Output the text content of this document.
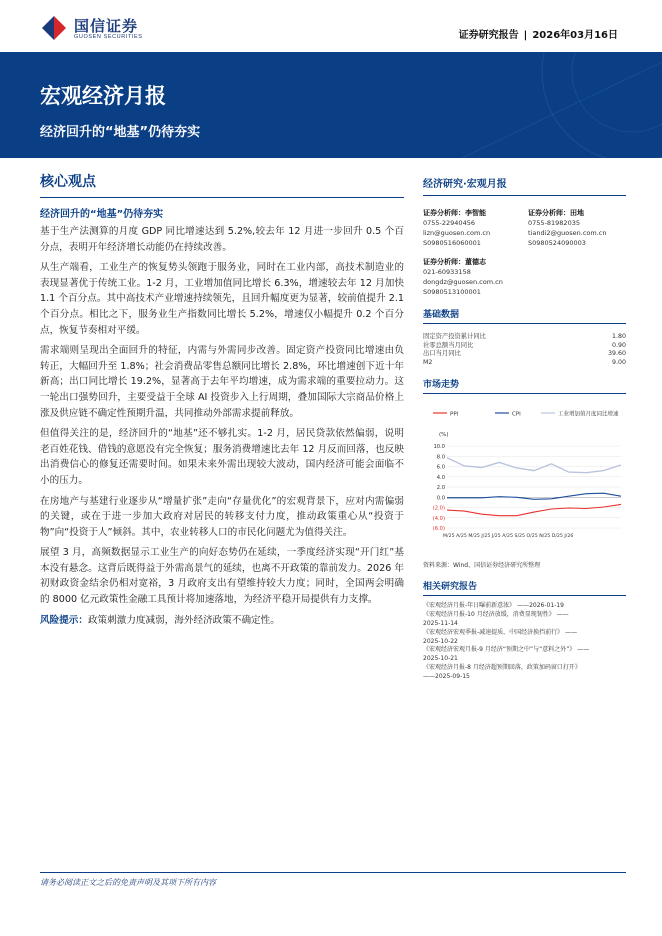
国信证券
GUOSEN SECURITIES	证券研究报告 | 2026年03月16日
宏观经济月报
经济回升的“地基”仍待夯实
核心观点
经济回升的“地基”仍待夯实

基于生产法测算的月度 GDP 同比增速达到 5.2%,较去年 12 月进一步回升 0.5 个百分点，表明开年经济增长动能仍在持续改善。

从生产端看，工业生产的恢复势头领跑于服务业，同时在工业内部，高技术制造业的表现显著优于传统工业。1-2 月，工业增加值同比增长 6.3%，增速较去年 12 月加快 1.1 个百分点。其中高技术产业增速持续领先，且回升幅度更为显著，较前值提升 2.1 个百分点。相比之下，服务业生产指数同比增长 5.2%，增速仅小幅提升 0.2 个百分点，恢复节奏相对平缓。

需求端则呈现出全面回升的特征，内需与外需同步改善。固定资产投资同比增速由负转正，大幅回升至 1.8%；社会消费品零售总额同比增长 2.8%，环比增速创下近十年新高；出口同比增长 19.2%，显著高于去年平均增速，成为需求端的重要拉动力。这一轮出口强势回升，主要受益于全球 AI 投资步入上行周期，叠加国际大宗商品价格上涨及供应链不确定性预期升温，共同推动外部需求提前释放。

但值得关注的是，经济回升的“地基”还不够扎实。1-2 月，居民贷款依然偏弱，说明老百姓花钱、借钱的意愿没有完全恢复；服务消费增速比去年 12 月反而回落，也反映出消费信心的修复还需要时间。如果未来外需出现较大波动，国内经济可能会面临不小的压力。

在房地产与基建行业逐步从“增量扩张”走向“存量优化”的宏观背景下，应对内需偏弱的关键，或在于进一步加大政府对居民的转移支付力度，推动政策重心从“投资于物”向“投资于人”倾斜。其中，农业转移人口的市民化问题尤为值得关注。

展望 3 月，高频数据显示工业生产的向好态势仍在延续，一季度经济实现“开门红”基本没有悬念。这背后既得益于外需高景气的延续，也离不开政策的靠前发力。2026 年初财政资金结余仍相对宽裕，3 月政府支出有望维持较大力度；同时，全国两会明确的 8000 亿元政策性金融工具预计将加速落地，为经济平稳开局提供有力支撑。

风险提示：政策刺激力度减弱，海外经济政策不确定性。

经济研究·宏观月报
证券分析师：李智能
0755-22940456
lizn@guosen.com.cn
S0980516060001
证券分析师：田地
0755-81982035
tiandi2@guosen.com.cn
S0980524090003
证券分析师：董德志
021-60933158
dongdz@guosen.com.cn
S0980513100001
基础数据
固定资产投资累计同比	1.80
社零总额当月同比	0.90
出口当月同比	39.60
M2	9.00
市场走势
PPI	CPI	工业增加值月度同比增速
(%)
10.0
8.0
6.0
4.0
2.0
0.0
(2.0)
(4.0)
(6.0)
M/25 A/25 M/25 J/25 J/25 A/25 S/25 O/25 N/25 D/25 J/26
资料来源：Wind、国信证券经济研究所整理
相关研究报告
《宏观经济月报-年日曝前新意浓》 ——2026-01-19
《宏观经济月报-10 月经济放缓，消费显现韧性》 ——
2025-11-14
《宏观经济宏观季报-减速提质，中国经济换挡前行》 ——
2025-10-22
《宏观经济宏观月报-9 月经济“预期之中”与“意料之外”》 ——
2025-10-21
《宏观经济月报-8 月经济超预期回落，政策加码窗口打开》
——2025-09-15
请务必阅读正文之后的免责声明及其项下所有内容
